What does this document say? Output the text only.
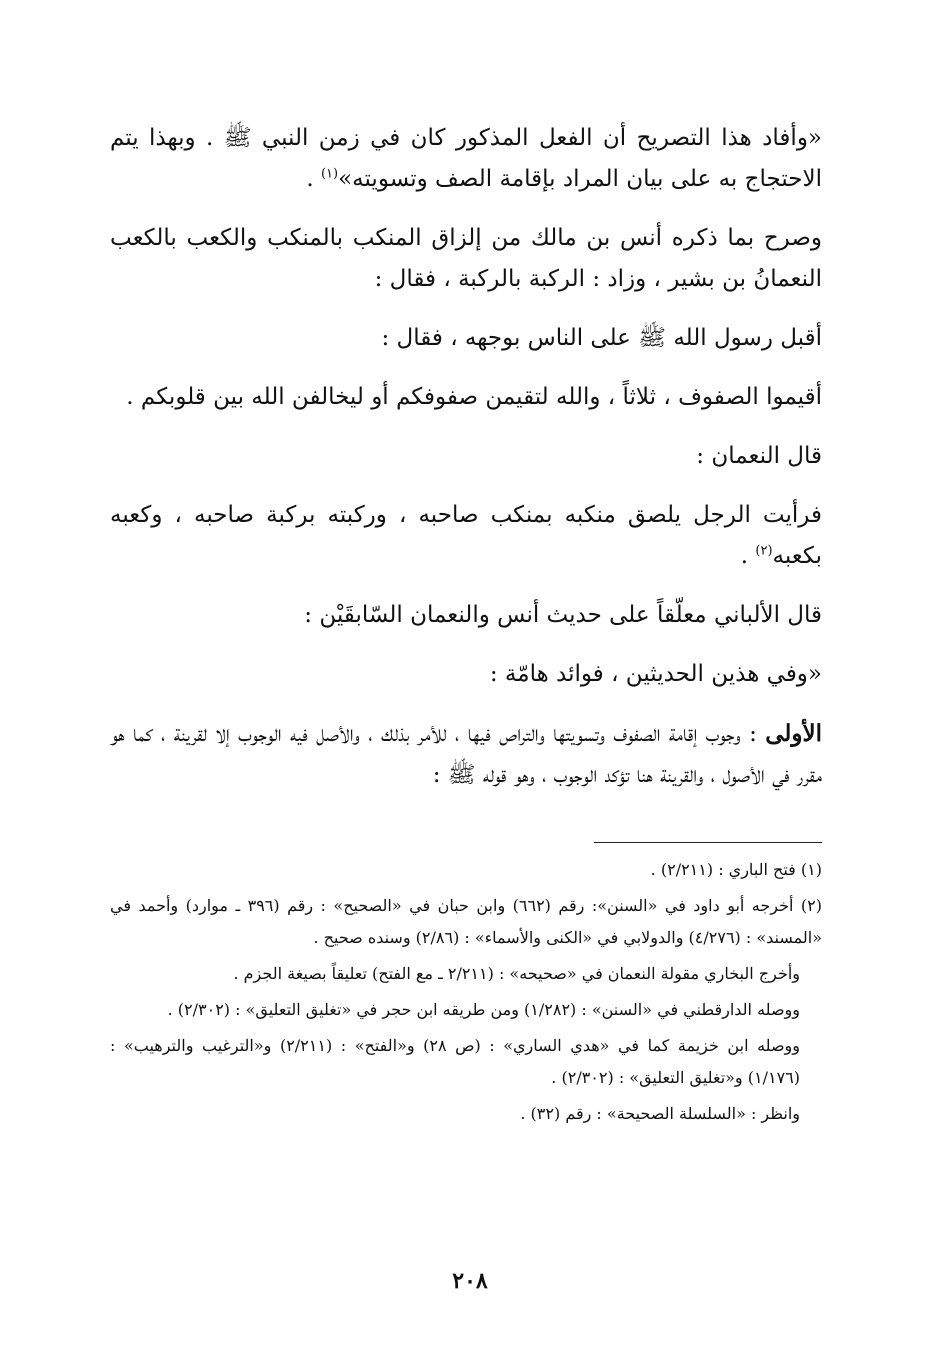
«وأفاد هذا التصريح أن الفعل المذكور كان في زمن النبي ﷺ . وبهذا يتم الاحتجاج به على بيان المراد بإقامة الصف وتسويته»$^{(١)}$ .

وصرح بما ذكره أنس بن مالك من إلزاق المنكب بالمنكب والكعب بالكعب النعمانُ بن بشير ، وزاد : الركبة بالركبة ، فقال :

أقبل رسول الله ﷺ على الناس بوجهه ، فقال :

أقيموا الصفوف ، ثلاثاً ، والله لتقيمن صفوفكم أو ليخالفن الله بين قلوبكم .

قال النعمان :

فرأيت الرجل يلصق منكبه بمنكب صاحبه ، وركبته بركبة صاحبه ، وكعبه بكعبه$^{(٢)}$ .

قال الألباني معلّقاً على حديث أنس والنعمان السّابقَيْن :

«وفي هذين الحديثين ، فوائد هامّة :

الأولى : وجوب إقامة الصفوف وتسويتها والتراص فيها ، للأمر بذلك ، والأصل فيه الوجوب إلا لقرينة ، كما هو مقرر في الأصول ، والقرينة هنا تؤكد الوجوب ، وهو قوله ﷺ :

(١) فتح الباري : (٢/٢١١) .

(٢) أخرجه أبو داود في «السنن»: رقم (٦٦٢) وابن حبان في «الصحيح» : رقم (٣٩٦ ـ موارد) وأحمد في «المسند» : (٤/٢٧٦) والدولابي في «الكنى والأسماء» : (٢/٨٦) وسنده صحيح .

وأخرج البخاري مقولة النعمان في «صحيحه» : (٢/٢١١ ـ مع الفتح) تعليقاً بصيغة الجزم .

ووصله الدارقطني في «السنن» : (١/٢٨٢) ومن طريقه ابن حجر في «تغليق التعليق» : (٢/٣٠٢) .

ووصله ابن خزيمة كما في «هدي الساري» : (ص ٢٨) و«الفتح» : (٢/٢١١) و«الترغيب والترهيب» : (١/١٧٦) و«تغليق التعليق» : (٢/٣٠٢) .

وانظر : «السلسلة الصحيحة» : رقم (٣٢) .

٢٠٨
